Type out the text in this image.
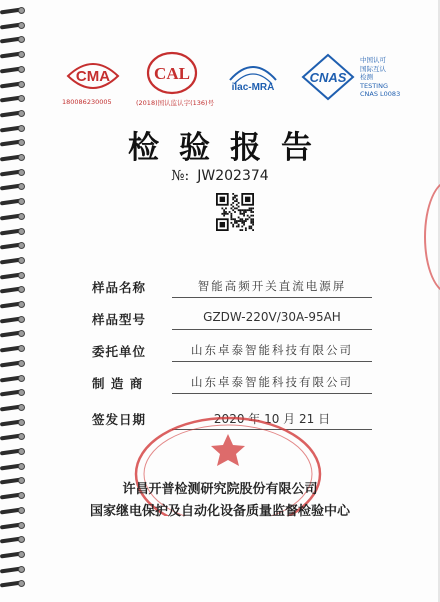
CMA
180086230005
CAL
(2018)国认监认字(136)号
ilac-MRA
CNAS
中国认可
国际互认
检测
TESTING
CNAS L0083
检验报告
№: JW202374
样品名称	智能高频开关直流电源屏
样品型号	GZDW-220V/30A-95AH
委托单位	山东卓泰智能科技有限公司
制 造 商	山东卓泰智能科技有限公司
签发日期	2020 年 10 月 21 日
许昌开普检测研究院股份有限公司
国家继电保护及自动化设备质量监督检验中心
